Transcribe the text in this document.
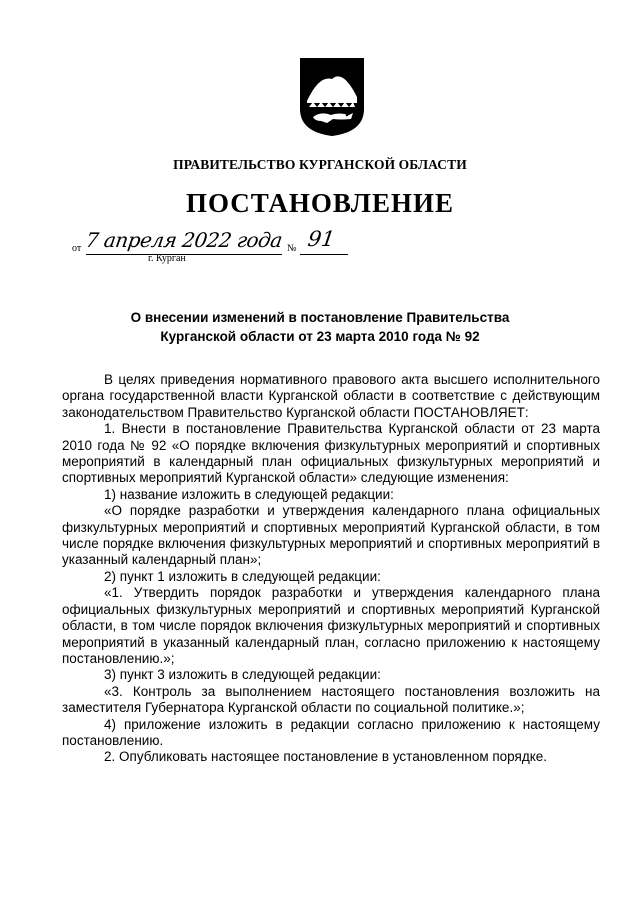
ПРАВИТЕЛЬСТВО КУРГАНСКОЙ ОБЛАСТИ
ПОСТАНОВЛЕНИЕ
от 7 апреля 2022 года № 91
г. Курган
О внесении изменений в постановление Правительства
Курганской области от 23 марта 2010 года № 92

В целях приведения нормативного правового акта высшего исполнительного органа государственной власти Курганской области в соответствие с действующим законодательством Правительство Курганской области ПОСТАНОВЛЯЕТ:

1. Внести в постановление Правительства Курганской области от 23 марта 2010 года № 92 «О порядке включения физкультурных мероприятий и спортивных мероприятий в календарный план официальных физкультурных мероприятий и спортивных мероприятий Курганской области» следующие изменения:

1) название изложить в следующей редакции:

«О порядке разработки и утверждения календарного плана официальных физкультурных мероприятий и спортивных мероприятий Курганской области, в том числе порядке включения физкультурных мероприятий и спортивных мероприятий в указанный календарный план»;

2) пункт 1 изложить в следующей редакции:

«1. Утвердить порядок разработки и утверждения календарного плана официальных физкультурных мероприятий и спортивных мероприятий Курганской области, в том числе порядок включения физкультурных мероприятий и спортивных мероприятий в указанный календарный план, согласно приложению к настоящему постановлению.»;

3) пункт 3 изложить в следующей редакции:

«3. Контроль за выполнением настоящего постановления возложить на заместителя Губернатора Курганской области по социальной политике.»;

4) приложение изложить в редакции согласно приложению к настоящему постановлению.

2. Опубликовать настоящее постановление в установленном порядке.
